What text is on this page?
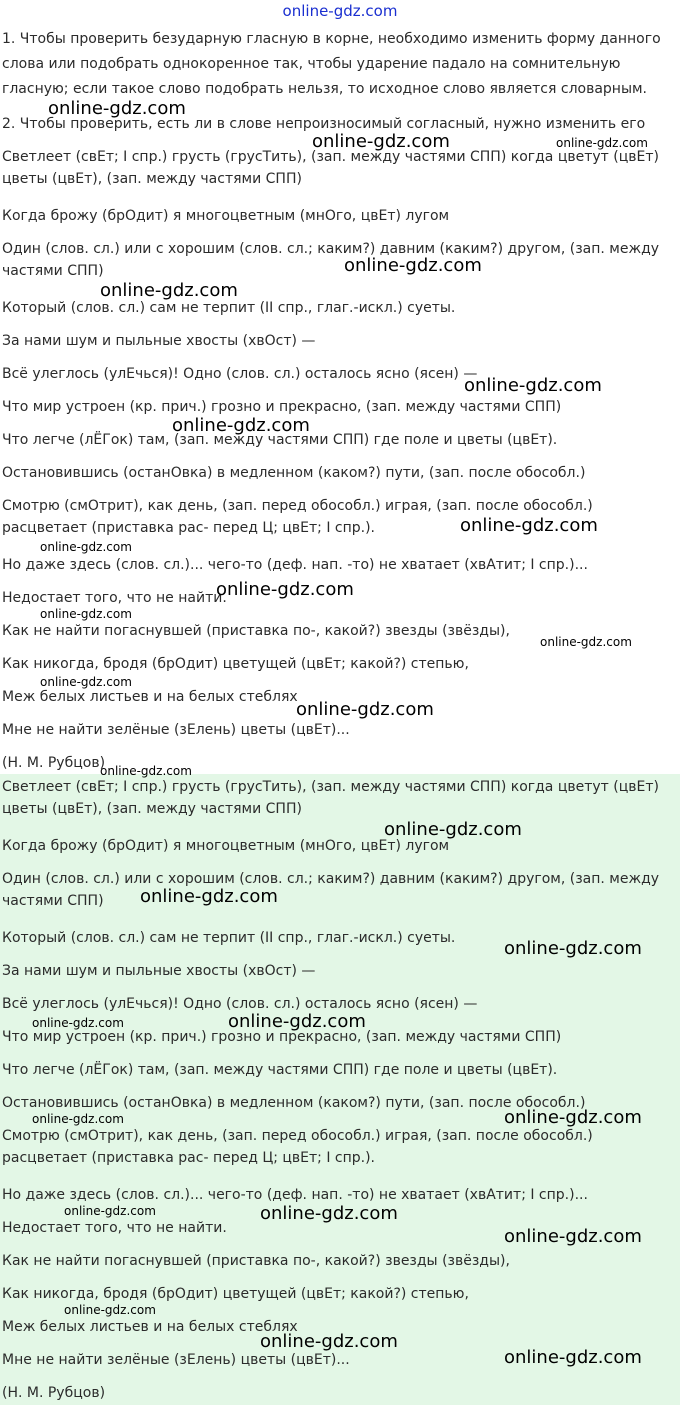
online-gdz.com
1. Чтобы проверить безударную гласную в корне, необходимо изменить форму данного слова или подобрать однокоренное так, чтобы ударение падало на сомнительную гласную; если такое слово подобрать нельзя, то исходное слово является словарным.
2. Чтобы проверить, есть ли в слове непроизносимый согласный, нужно изменить его
Светлеет (свЕт; I спр.) грусть (грусТить), (зап. между частями СПП) когда цветут (цвЕт) цветы (цвЕт), (зап. между частями СПП)
Когда брожу (брОдит) я многоцветным (мнОго, цвЕт) лугом
Один (слов. сл.) или с хорошим (слов. сл.; каким?) давним (каким?) другом, (зап. между частями СПП)
Который (слов. сл.) сам не терпит (II спр., глаг.-искл.) суеты.
За нами шум и пыльные хвосты (хвОст) —
Всё улеглось (улЕчься)! Одно (слов. сл.) осталось ясно (ясен) —
Что мир устроен (кр. прич.) грозно и прекрасно, (зап. между частями СПП)
Что легче (лЁГок) там, (зап. между частями СПП) где поле и цветы (цвЕт).
Остановившись (останОвка) в медленном (каком?) пути, (зап. после обособл.)
Смотрю (смОтрит), как день, (зап. перед обособл.) играя, (зап. после обособл.) расцветает (приставка рас- перед Ц; цвЕт; I спр.).
Но даже здесь (слов. сл.)... чего-то (деф. нап. -то) не хватает (хвАтит; I спр.)...
Недостает того, что не найти.
Как не найти погаснувшей (приставка по-, какой?) звезды (звёзды),
Как никогда, бродя (брОдит) цветущей (цвЕт; какой?) степью,
Меж белых листьев и на белых стеблях
Мне не найти зелёные (зЕлень) цветы (цвЕт)...
(Н. М. Рубцов)
Светлеет (свЕт; I спр.) грусть (грусТить), (зап. между частями СПП) когда цветут (цвЕт) цветы (цвЕт), (зап. между частями СПП)
Когда брожу (брОдит) я многоцветным (мнОго, цвЕт) лугом
Один (слов. сл.) или с хорошим (слов. сл.; каким?) давним (каким?) другом, (зап. между частями СПП)
Который (слов. сл.) сам не терпит (II спр., глаг.-искл.) суеты.
За нами шум и пыльные хвосты (хвОст) —
Всё улеглось (улЕчься)! Одно (слов. сл.) осталось ясно (ясен) —
Что мир устроен (кр. прич.) грозно и прекрасно, (зап. между частями СПП)
Что легче (лЁГок) там, (зап. между частями СПП) где поле и цветы (цвЕт).
Остановившись (останОвка) в медленном (каком?) пути, (зап. после обособл.)
Смотрю (смОтрит), как день, (зап. перед обособл.) играя, (зап. после обособл.) расцветает (приставка рас- перед Ц; цвЕт; I спр.).
Но даже здесь (слов. сл.)... чего-то (деф. нап. -то) не хватает (хвАтит; I спр.)...
Недостает того, что не найти.
Как не найти погаснувшей (приставка по-, какой?) звезды (звёзды),
Как никогда, бродя (брОдит) цветущей (цвЕт; какой?) степью,
Меж белых листьев и на белых стеблях
Мне не найти зелёные (зЕлень) цветы (цвЕт)...
(Н. М. Рубцов)
online-gdz.com
online-gdz.com	online-gdz.com
online-gdz.com
online-gdz.com
online-gdz.com
online-gdz.com
online-gdz.com
online-gdz.com
online-gdz.com
online-gdz.com
online-gdz.com
online-gdz.com
online-gdz.com
online-gdz.com
online-gdz.com
online-gdz.com
online-gdz.com
online-gdz.com	online-gdz.com
online-gdz.com	online-gdz.com
online-gdz.com	online-gdz.com
online-gdz.com
online-gdz.com
online-gdz.com
online-gdz.com
